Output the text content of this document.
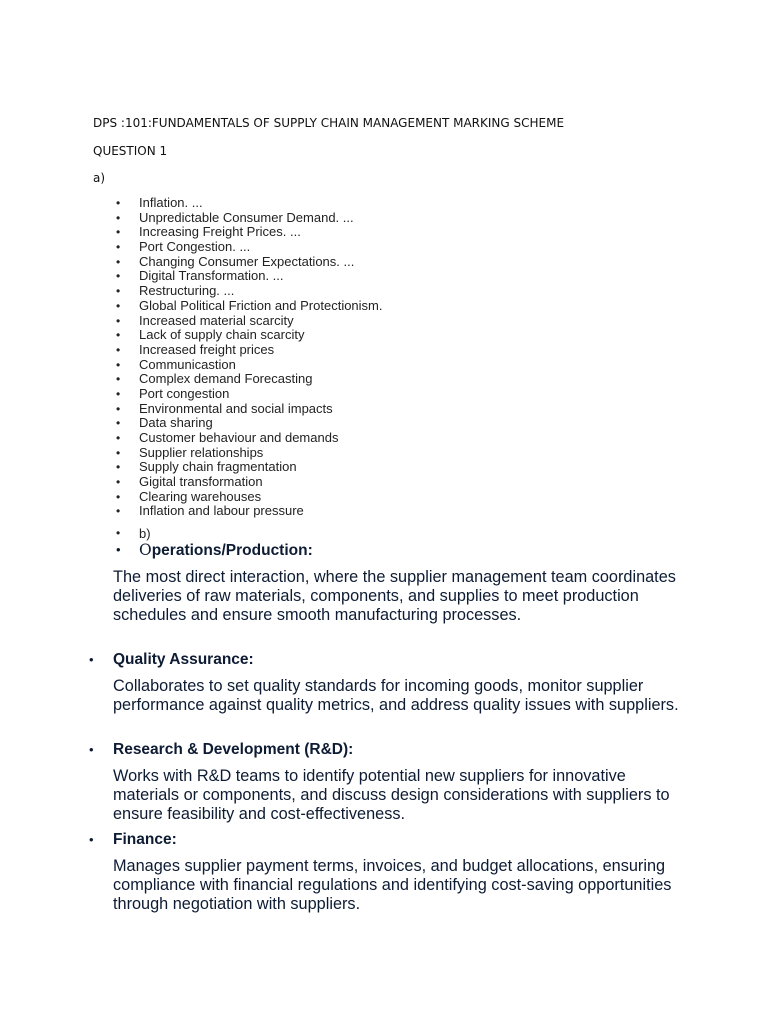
DPS :101:FUNDAMENTALS OF SUPPLY CHAIN MANAGEMENT MARKING SCHEME
QUESTION 1
a)
• Inflation. ...
• Unpredictable Consumer Demand. ...
• Increasing Freight Prices. ...
• Port Congestion. ...
• Changing Consumer Expectations. ...
• Digital Transformation. ...
• Restructuring. ...
• Global Political Friction and Protectionism.
• Increased material scarcity
• Lack of supply chain scarcity
• Increased freight prices
• Communicastion
• Complex demand Forecasting
• Port congestion
• Environmental and social impacts
• Data sharing
• Customer behaviour and demands
• Supplier relationships
• Supply chain fragmentation
• Gigital transformation
• Clearing warehouses
• Inflation and labour pressure
• b)
• Operations/Production:

The most direct interaction, where the supplier management team coordinates deliveries of raw materials, components, and supplies to meet production schedules and ensure smooth manufacturing processes.

• Quality Assurance:

Collaborates to set quality standards for incoming goods, monitor supplier performance against quality metrics, and address quality issues with suppliers.

• Research & Development (R&D):

Works with R&D teams to identify potential new suppliers for innovative materials or components, and discuss design considerations with suppliers to ensure feasibility and cost-effectiveness.

• Finance:

Manages supplier payment terms, invoices, and budget allocations, ensuring compliance with financial regulations and identifying cost-saving opportunities through negotiation with suppliers.
